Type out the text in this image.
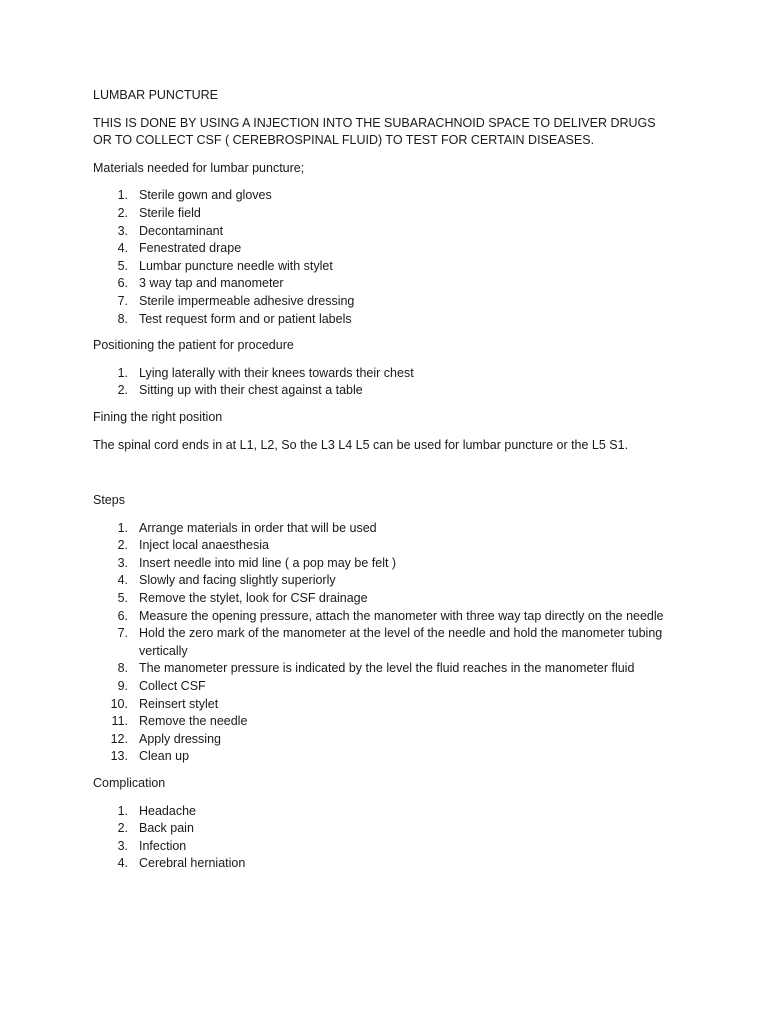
LUMBAR PUNCTURE

THIS IS DONE BY USING A INJECTION INTO THE SUBARACHNOID SPACE TO DELIVER DRUGS OR TO COLLECT CSF ( CEREBROSPINAL FLUID) TO TEST FOR CERTAIN DISEASES.

Materials needed for lumbar puncture;

1. Sterile gown and gloves
2. Sterile field
3. Decontaminant
4. Fenestrated drape
5. Lumbar puncture needle with stylet
6. 3 way tap and manometer
7. Sterile impermeable adhesive dressing
8. Test request form and or patient labels

Positioning the patient for procedure

1. Lying laterally with their knees towards their chest
2. Sitting up with their chest against a table

Fining the right position

The spinal cord ends in at L1, L2, So the L3 L4 L5 can be used for lumbar puncture or the L5 S1.

Steps

1. Arrange materials in order that will be used
2. Inject local anaesthesia
3. Insert needle into mid line ( a pop may be felt )
4. Slowly and facing slightly superiorly
5. Remove the stylet, look for CSF drainage
6. Measure the opening pressure, attach the manometer with three way tap directly on the needle
7. Hold the zero mark of the manometer at the level of the needle and hold the manometer tubing vertically
8. The manometer pressure is indicated by the level the fluid reaches in the manometer fluid
9. Collect CSF
10. Reinsert stylet
11. Remove the needle
12. Apply dressing
13. Clean up

Complication

1. Headache
2. Back pain
3. Infection
4. Cerebral herniation
